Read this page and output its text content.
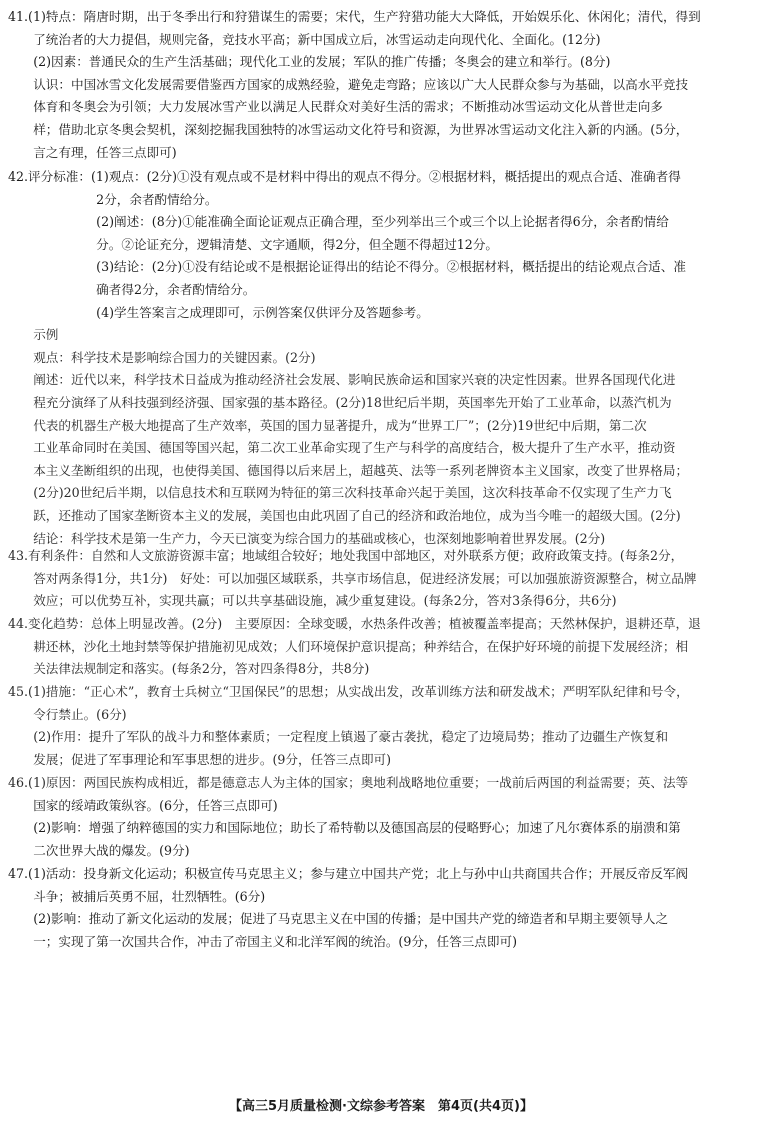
41.(1)特点：隋唐时期，出于冬季出行和狩猎谋生的需要；宋代，生产狩猎功能大大降低，开始娱乐化、休闲化；清代，得到
　　了统治者的大力提倡，规则完备，竞技水平高；新中国成立后，冰雪运动走向现代化、全面化。(12分)
　　(2)因素：普通民众的生产生活基础；现代化工业的发展；军队的推广传播；冬奥会的建立和举行。(8分)
　　认识：中国冰雪文化发展需要借鉴西方国家的成熟经验，避免走弯路；应该以广大人民群众参与为基础，以高水平竞技
　　体育和冬奥会为引领；大力发展冰雪产业以满足人民群众对美好生活的需求；不断推动冰雪运动文化从普世走向多
　　样；借助北京冬奥会契机，深刻挖掘我国独特的冰雪运动文化符号和资源，为世界冰雪运动文化注入新的内涵。(5分，
　　言之有理，任答三点即可)
42.评分标准：(1)观点：(2分)①没有观点或不是材料中得出的观点不得分。②根据材料，概括提出的观点合适、准确者得
　　　　　　　2分，余者酌情给分。
　　　　　　　(2)阐述：(8分)①能准确全面论证观点正确合理，至少列举出三个或三个以上论据者得6分，余者酌情给
　　　　　　　分。②论证充分，逻辑清楚、文字通顺，得2分，但全题不得超过12分。
　　　　　　　(3)结论：(2分)①没有结论或不是根据论证得出的结论不得分。②根据材料，概括提出的结论观点合适、准
　　　　　　　确者得2分，余者酌情给分。
　　　　　　　(4)学生答案言之成理即可，示例答案仅供评分及答题参考。
　　示例
　　观点：科学技术是影响综合国力的关键因素。(2分)
　　阐述：近代以来，科学技术日益成为推动经济社会发展、影响民族命运和国家兴衰的决定性因素。世界各国现代化进
　　程充分演绎了从科技强到经济强、国家强的基本路径。(2分)18世纪后半期，英国率先开始了工业革命，以蒸汽机为
　　代表的机器生产极大地提高了生产效率，英国的国力显著提升，成为“世界工厂”；(2分)19世纪中后期，第二次
　　工业革命同时在美国、德国等国兴起，第二次工业革命实现了生产与科学的高度结合，极大提升了生产水平，推动资
　　本主义垄断组织的出现，也使得美国、德国得以后来居上，超越英、法等一系列老牌资本主义国家，改变了世界格局；
　　(2分)20世纪后半期，以信息技术和互联网为特征的第三次科技革命兴起于美国，这次科技革命不仅实现了生产力飞
　　跃，还推动了国家垄断资本主义的发展，美国也由此巩固了自己的经济和政治地位，成为当今唯一的超级大国。(2分)
　　结论：科学技术是第一生产力，今天已演变为综合国力的基础或核心，也深刻地影响着世界发展。(2分)
43.有利条件：自然和人文旅游资源丰富；地域组合较好；地处我国中部地区，对外联系方便；政府政策支持。(每条2分，
　　答对两条得1分，共1分)　好处：可以加强区域联系，共享市场信息，促进经济发展；可以加强旅游资源整合，树立品牌
　　效应；可以优势互补，实现共赢；可以共享基础设施，减少重复建设。(每条2分，答对3条得6分，共6分)
44.变化趋势：总体上明显改善。(2分)　主要原因：全球变暖，水热条件改善；植被覆盖率提高；天然林保护，退耕还草，退
　　耕还林，沙化土地封禁等保护措施初见成效；人们环境保护意识提高；种养结合，在保护好环境的前提下发展经济；相
　　关法律法规制定和落实。(每条2分，答对四条得8分，共8分)
45.(1)措施：“正心术”，教育士兵树立“卫国保民”的思想；从实战出发，改革训练方法和研发战术；严明军队纪律和号令，
　　令行禁止。(6分)
　　(2)作用：提升了军队的战斗力和整体素质；一定程度上镇遏了豪古袭扰，稳定了边境局势；推动了边疆生产恢复和
　　发展；促进了军事理论和军事思想的进步。(9分，任答三点即可)
46.(1)原因：两国民族构成相近，都是德意志人为主体的国家；奥地利战略地位重要；一战前后两国的利益需要；英、法等
　　国家的绥靖政策纵容。(6分，任答三点即可)
　　(2)影响：增强了纳粹德国的实力和国际地位；助长了希特勒以及德国高层的侵略野心；加速了凡尔赛体系的崩溃和第
　　二次世界大战的爆发。(9分)
47.(1)活动：投身新文化运动；积极宣传马克思主义；参与建立中国共产党；北上与孙中山共商国共合作；开展反帝反军阀
　　斗争；被捕后英勇不屈，壮烈牺牲。(6分)
　　(2)影响：推动了新文化运动的发展；促进了马克思主义在中国的传播；是中国共产党的缔造者和早期主要领导人之
　　一；实现了第一次国共合作，冲击了帝国主义和北洋军阀的统治。(9分，任答三点即可)
【高三5月质量检测·文综参考答案　第4页(共4页)】
